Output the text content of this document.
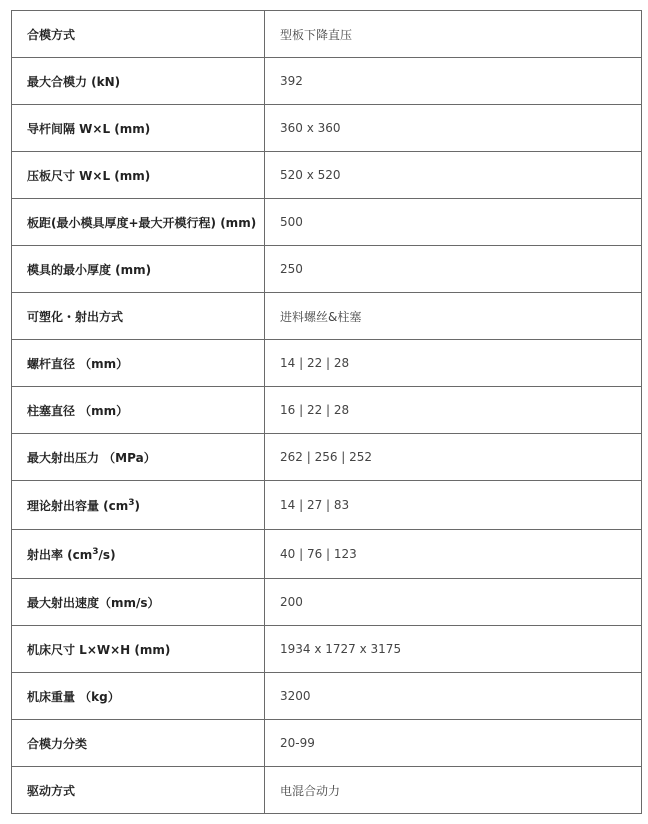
合模方式	型板下降直压
最大合模力 (kN)	392
导杆间隔 W×L (mm)	360 x 360
压板尺寸 W×L (mm)	520 x 520
板距(最小模具厚度+最大开模行程) (mm)	500
模具的最小厚度 (mm)	250
可塑化・射出方式	进料螺丝&柱塞
螺杆直径 （mm）	14 | 22 | 28
柱塞直径 （mm）	16 | 22 | 28
最大射出压力 （MPa）	262 | 256 | 252
理论射出容量 $(cm^3)$	14 | 27 | 83
射出率 $(cm^3/s)$	40 | 76 | 123
最大射出速度（mm/s）	200
机床尺寸 L×W×H (mm)	1934 x 1727 x 3175
机床重量 （kg）	3200
合模力分类	20-99
驱动方式	电混合动力
